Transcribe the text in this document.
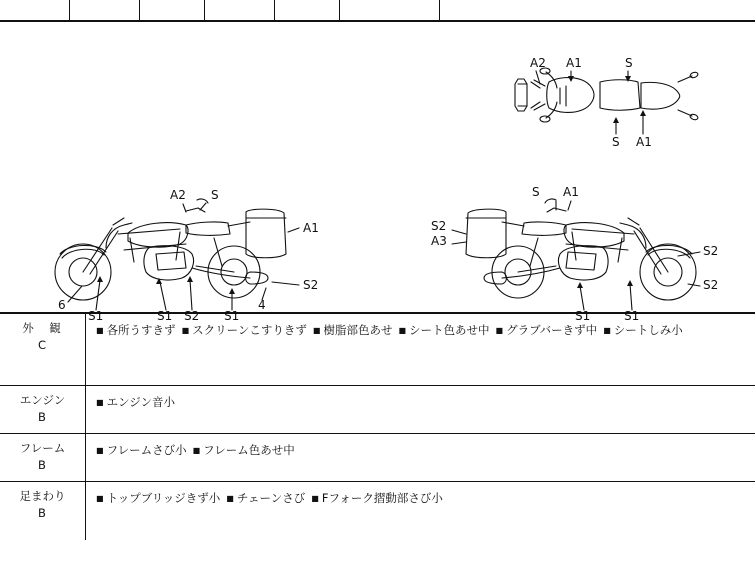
A2 A1	S
S A1
A2 S
A1
S2
6
S1	S1 S2 S1
4
S A1
S2
A3
S2
S2
S1	S1
外　観
C
■ 各所うすきず ■ スクリーンこすりきず ■ 樹脂部色あせ ■ シート色あせ中 ■ グラブバーきず中 ■ シートしみ小
エンジン
B
■ エンジン音小
フレーム
B
■ フレームさび小 ■ フレーム色あせ中
足まわり
B
■ トップブリッジきず小 ■ チェーンさび ■ Fフォーク摺動部さび小
